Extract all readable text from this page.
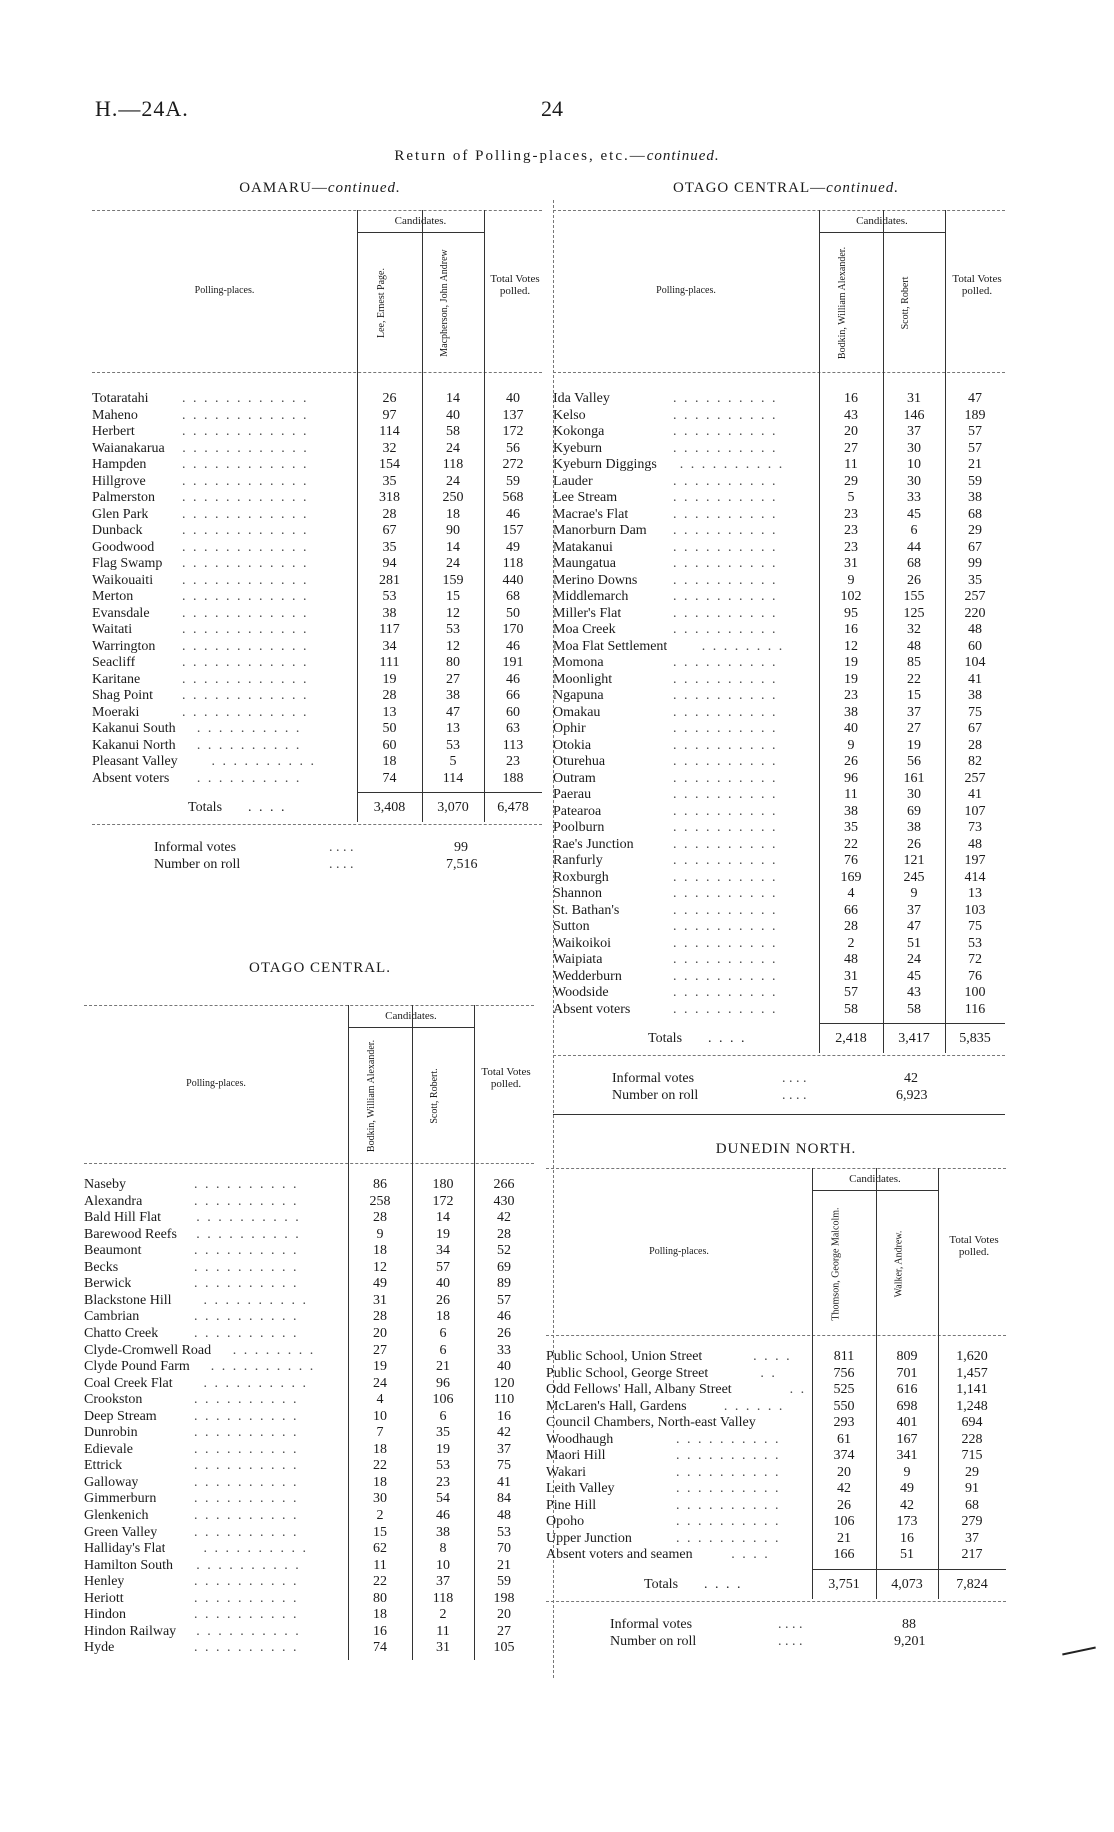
H.—24A.	24
Return of Polling-places, etc.—continued.
OAMARU—continued.
Candidates.
Polling-places.
Total Votes polled.
Lee, Ernest Page.	Macpherson, John Andrew
Totaratahi . . . . . . . . . . . .	26	14	40
Maheno	. . . . . . . . . . . .	97	40	137
Herbert	. . . . . . . . . . . .	114	58	172
Waianakarua . . . . . . . . . . . .	32	24	56
Hampden	. . . . . . . . . . . .	154	118	272
Hillgrove	. . . . . . . . . . . .	35	24	59
Palmerston . . . . . . . . . . . .	318	250	568
Glen Park . . . . . . . . . . . .	28	18	46
Dunback	. . . . . . . . . . . .	67	90	157
Goodwood . . . . . . . . . . . .	35	14	49
Flag Swamp . . . . . . . . . . . .	94	24	118
Waikouaiti . . . . . . . . . . . .	281	159	440
Merton	. . . . . . . . . . . .	53	15	68
Evansdale . . . . . . . . . . . .	38	12	50
Waitati	. . . . . . . . . . . .	117	53	170
Warrington . . . . . . . . . . . .	34	12	46
Seacliff	. . . . . . . . . . . .	111	80	191
Karitane	. . . . . . . . . . . .	19	27	46
Shag Point . . . . . . . . . . . .	28	38	66
Moeraki	. . . . . . . . . . . .	13	47	60
Kakanui South . . . . . . . . . .	50	13	63
Kakanui North . . . . . . . . . .	60	53	113
Pleasant Valley . . . . . . . . . .	18	5	23
Absent voters . . . . . . . . . .	74	114	188
Totals . . . .	3,408	3,070	6,478
Informal votes	. . . .	99
Number on roll	. . . .	7,516
OTAGO CENTRAL.
Candidates.
Polling-places.
Total Votes polled.
Bodkin, William Alexander.	Scott, Robert.
Naseby	. . . . . . . . . .	86	180	266
Alexandra	. . . . . . . . . .	258	172	430
Bald Hill Flat	. . . . . . . . . .	28	14	42
Barewood Reefs . . . . . . . . . .	9	19	28
Beaumont	. . . . . . . . . .	18	34	52
Becks	. . . . . . . . . .	12	57	69
Berwick	. . . . . . . . . .	49	40	89
Blackstone Hill . . . . . . . . . .	31	26	57
Cambrian	. . . . . . . . . .	28	18	46
Chatto Creek	. . . . . . . . . .	20	6	26
Clyde-Cromwell Road . . . . . . . .	27	6	33
Clyde Pound Farm . . . . . . . . . .	19	21	40
Coal Creek Flat . . . . . . . . . .	24	96	120
Crookston	. . . . . . . . . .	4	106	110
Deep Stream	. . . . . . . . . .	10	6	16
Dunrobin	. . . . . . . . . .	7	35	42
Edievale	. . . . . . . . . .	18	19	37
Ettrick	. . . . . . . . . .	22	53	75
Galloway	. . . . . . . . . .	18	23	41
Gimmerburn	. . . . . . . . . .	30	54	84
Glenkenich	. . . . . . . . . .	2	46	48
Green Valley	. . . . . . . . . .	15	38	53
Halliday's Flat	. . . . . . . . . .	62	8	70
Hamilton South . . . . . . . . . .	11	10	21
Henley	. . . . . . . . . .	22	37	59
Heriott	. . . . . . . . . .	80	118	198
Hindon	. . . . . . . . . .	18	2	20
Hindon Railway . . . . . . . . . .	16	11	27
Hyde	. . . . . . . . . .	74	31	105
OTAGO CENTRAL—continued.
Candidates.
Polling-places.
Total Votes polled.
Bodkin, William Alexander.	Scott, Robert
Ida Valley	. . . . . . . . . .	16	31	47
Kelso	. . . . . . . . . .	43	146	189
Kokonga	. . . . . . . . . .	20	37	57
Kyeburn	. . . . . . . . . .	27	30	57
Kyeburn Diggings . . . . . . . . . .	11	10	21
Lauder	. . . . . . . . . .	29	30	59
Lee Stream	. . . . . . . . . .	5	33	38
Macrae's Flat	. . . . . . . . . .	23	45	68
Manorburn Dam . . . . . . . . . .	23	6	29
Matakanui	. . . . . . . . . .	23	44	67
Maungatua	. . . . . . . . . .	31	68	99
Merino Downs	. . . . . . . . . .	9	26	35
Middlemarch	. . . . . . . . . .	102	155	257
Miller's Flat	. . . . . . . . . .	95	125	220
Moa Creek	. . . . . . . . . .	16	32	48
Moa Flat Settlement . . . . . . . .	12	48	60
Momona	. . . . . . . . . .	19	85	104
Moonlight	. . . . . . . . . .	19	22	41
Ngapuna	. . . . . . . . . .	23	15	38
Omakau	. . . . . . . . . .	38	37	75
Ophir	. . . . . . . . . .	40	27	67
Otokia	. . . . . . . . . .	9	19	28
Oturehua	. . . . . . . . . .	26	56	82
Outram	. . . . . . . . . .	96	161	257
Paerau	. . . . . . . . . .	11	30	41
Patearoa	. . . . . . . . . .	38	69	107
Poolburn	. . . . . . . . . .	35	38	73
Rae's Junction	. . . . . . . . . .	22	26	48
Ranfurly	. . . . . . . . . .	76	121	197
Roxburgh	. . . . . . . . . .	169	245	414
Shannon	. . . . . . . . . .	4	9	13
St. Bathan's	. . . . . . . . . .	66	37	103
Sutton	. . . . . . . . . .	28	47	75
Waikoikoi	. . . . . . . . . .	2	51	53
Waipiata	. . . . . . . . . .	48	24	72
Wedderburn	. . . . . . . . . .	31	45	76
Woodside	. . . . . . . . . .	57	43	100
Absent voters	. . . . . . . . . .	58	58	116
Totals . . . .	2,418	3,417	5,835
Informal votes	. . . .	42
Number on roll	. . . .	6,923
DUNEDIN NORTH.
Candidates.
Polling-places.
Total Votes polled.
Thomson, George Malcolm.	Walker, Andrew.
Public School, Union Street	. . . .	811	809	1,620
Public School, George Street	. .	756	701	1,457
Odd Fellows' Hall, Albany Street	. .	525	616	1,141
McLaren's Hall, Gardens	. . . . . .	550	698	1,248
Council Chambers, North-east Valley	293	401	694
Woodhaugh	. . . . . . . . . .	61	167	228
Maori Hill	. . . . . . . . . .	374	341	715
Wakari	. . . . . . . . . .	20	9	29
Leith Valley	. . . . . . . . . .	42	49	91
Pine Hill	. . . . . . . . . .	26	42	68
Opoho	. . . . . . . . . .	106	173	279
Upper Junction	. . . . . . . . . .	21	16	37
Absent voters and seamen	. . . .	166	51	217
Totals . . . .	3,751	4,073	7,824
Informal votes	. . . .	88
Number on roll	. . . .	9,201
